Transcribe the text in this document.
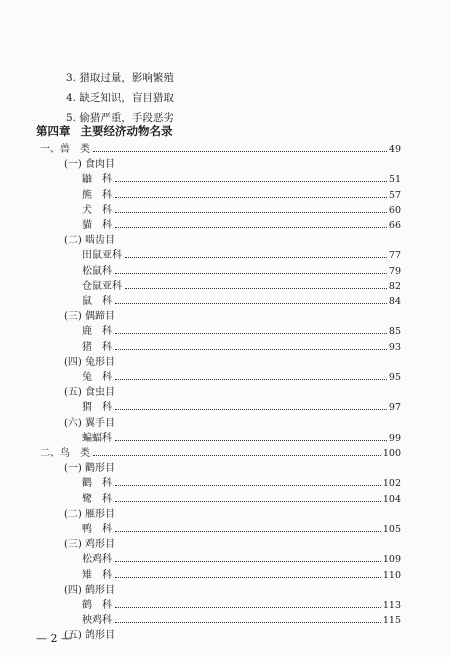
3. 猎取过量，影响繁殖
4. 缺乏知识，盲目猎取
5. 偷猎严重，手段恶劣
第四章 主要经济动物名录
一、兽　类	49
(一) 食肉目
鼬　科	51
熊　科	57
犬　科	60
貓　科	66
(二) 啮齿目
田鼠亚科	77
松鼠科	79
仓鼠亚科	82
鼠　科	84
(三) 偶蹄目
鹿　科	85
猪　科	93
(四) 兔形目
兔　科	95
(五) 食虫目
猬　科	97
(六) 翼手目
蝙蝠科	99
二、鸟　类	100
(一) 鹳形目
鹳　科	102
鹭　科	104
(二) 雁形目
鸭　科	105
(三) 鸡形目
松鸡科	109
雉　科	110
(四) 鹤形目
鹤　科	113
秧鸡科	115
(五) 鸽形目
— 2 —
